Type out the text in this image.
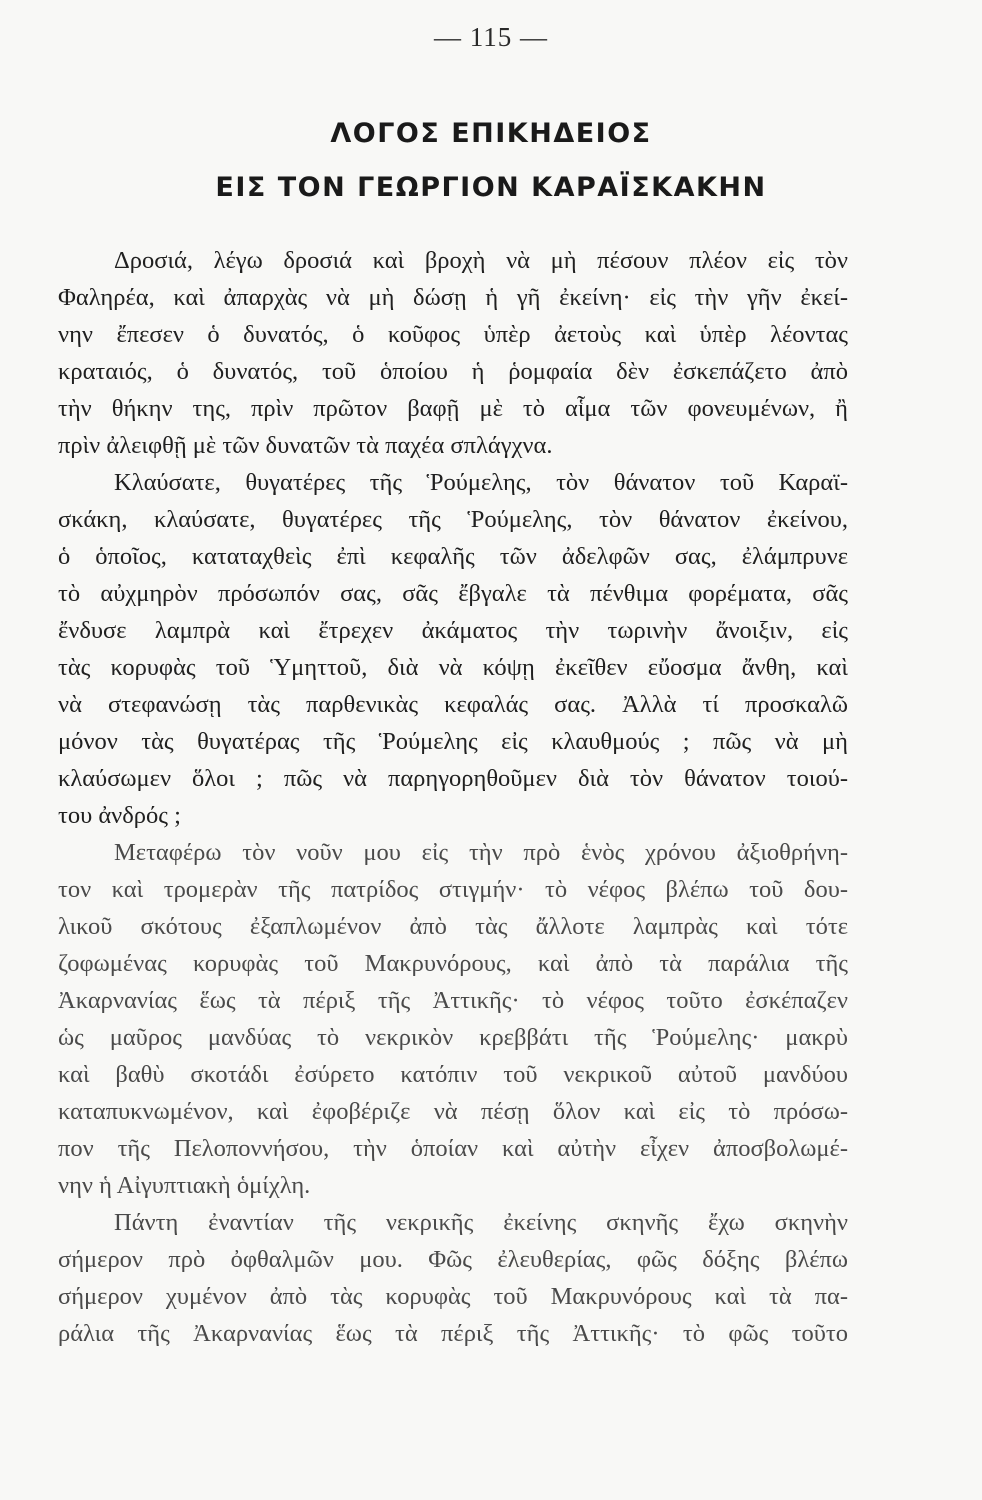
— 115 —
ΛΟΓΟΣ ΕΠΙΚΗΔΕΙΟΣ
ΕΙΣ ΤΟΝ ΓΕΩΡΓΙΟΝ ΚΑΡΑΪΣΚΑΚΗΝ
Δροσιά, λέγω δροσιά καὶ βροχὴ νὰ μὴ πέσουν πλέον εἰς τὸν
Φαληρέα, καὶ ἀπαρχὰς νὰ μὴ δώσῃ ἡ γῆ ἐκείνη· εἰς τὴν γῆν ἐκεί-
νην ἔπεσεν ὁ δυνατός, ὁ κοῦφος ὑπὲρ ἀετοὺς καὶ ὑπὲρ λέοντας
κραταιός, ὁ δυνατός, τοῦ ὁποίου ἡ ῥομφαία δὲν ἐσκεπάζετο ἀπὸ
τὴν θήκην της, πρὶν πρῶτον βαφῇ μὲ τὸ αἷμα τῶν φονευμένων, ἢ
πρὶν ἀλειφθῇ μὲ τῶν δυνατῶν τὰ παχέα σπλάγχνα.
Κλαύσατε, θυγατέρες τῆς Ῥούμελης, τὸν θάνατον τοῦ Καραϊ-
σκάκη, κλαύσατε, θυγατέρες τῆς Ῥούμελης, τὸν θάνατον ἐκείνου,
ὁ ὁποῖος, καταταχθεὶς ἐπὶ κεφαλῆς τῶν ἀδελφῶν σας, ἐλάμπρυνε
τὸ αὐχμηρὸν πρόσωπόν σας, σᾶς ἔβγαλε τὰ πένθιμα φορέματα, σᾶς
ἔνδυσε λαμπρὰ καὶ ἔτρεχεν ἀκάματος τὴν τωρινὴν ἄνοιξιν, εἰς
τὰς κορυφὰς τοῦ Ὑμηττοῦ, διὰ νὰ κόψῃ ἐκεῖθεν εὔοσμα ἄνθη, καὶ
νὰ στεφανώσῃ τὰς παρθενικὰς κεφαλάς σας. Ἀλλὰ τί προσκαλῶ
μόνον τὰς θυγατέρας τῆς Ῥούμελης εἰς κλαυθμούς ; πῶς νὰ μὴ
κλαύσωμεν ὅλοι ; πῶς νὰ παρηγορηθοῦμεν διὰ τὸν θάνατον τοιού-
του ἀνδρός ;
Μεταφέρω τὸν νοῦν μου εἰς τὴν πρὸ ἑνὸς χρόνου ἀξιοθρήνη-
τον καὶ τρομερὰν τῆς πατρίδος στιγμήν· τὸ νέφος βλέπω τοῦ δου-
λικοῦ σκότους ἐξαπλωμένον ἀπὸ τὰς ἄλλοτε λαμπρὰς καὶ τότε
ζοφωμένας κορυφὰς τοῦ Μακρυνόρους, καὶ ἀπὸ τὰ παράλια τῆς
Ἀκαρνανίας ἕως τὰ πέριξ τῆς Ἀττικῆς· τὸ νέφος τοῦτο ἐσκέπαζεν
ὡς μαῦρος μανδύας τὸ νεκρικὸν κρεββάτι τῆς Ῥούμελης· μακρὺ
καὶ βαθὺ σκοτάδι ἐσύρετο κατόπιν τοῦ νεκρικοῦ αὐτοῦ μανδύου
καταπυκνωμένον, καὶ ἐφοβέριζε νὰ πέσῃ ὅλον καὶ εἰς τὸ πρόσω-
πον τῆς Πελοποννήσου, τὴν ὁποίαν καὶ αὐτὴν εἶχεν ἀποσβολωμέ-
νην ἡ Αἰγυπτιακὴ ὁμίχλη.
Πάντη ἐναντίαν τῆς νεκρικῆς ἐκείνης σκηνῆς ἔχω σκηνὴν
σήμερον πρὸ ὀφθαλμῶν μου. Φῶς ἐλευθερίας, φῶς δόξης βλέπω
σήμερον χυμένον ἀπὸ τὰς κορυφὰς τοῦ Μακρυνόρους καὶ τὰ πα-
ράλια τῆς Ἀκαρνανίας ἕως τὰ πέριξ τῆς Ἀττικῆς· τὸ φῶς τοῦτο
